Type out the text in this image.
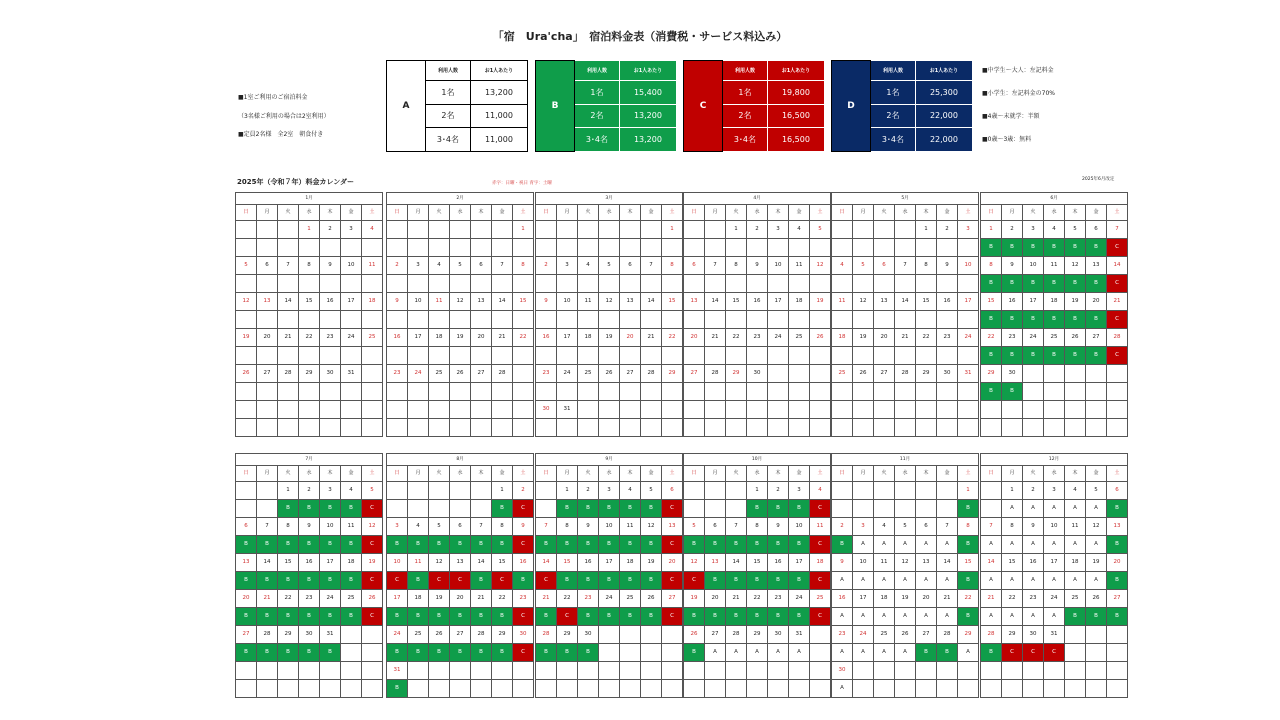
「宿　Ura'cha」　宿泊料金表（消費税・サービス料込み）
■1室ご利用のご宿泊料金
（3名様ご利用の場合は2室利用）
■定員2名様　全2室　朝食付き
■中学生〜大人：左記料金
■小学生：左記料金の70%
■4歳〜未就学：半額
■0歳〜3歳：無料
A	利用人数	お1人あたり
	1名	13,200
	2名	11,000
	3･4名	11,000
B	利用人数	お1人あたり
	1名	15,400
	2名	13,200
	3･4名	13,200
C	利用人数	お1人あたり
	1名	19,800
	2名	16,500
	3･4名	16,500
D	利用人数	お1人あたり
	1名	25,300
	2名	22,000
	3･4名	22,000
2025年（令和７年）料金カレンダー	赤字：日曜・祝日 青字：土曜
2025年6月改定
1月						
日	月	火	水	木	金	土
			1	2	3	4

5	6	7	8	9	10	11

12	13	14	15	16	17	18

19	20	21	22	23	24	25

26	27	28	29	30	31	

2月						
日	月	火	水	木	金	土
						1

2	3	4	5	6	7	8

9	10	11	12	13	14	15

16	17	18	19	20	21	22

23	24	25	26	27	28	

3月						
日	月	火	水	木	金	土
						1

2	3	4	5	6	7	8

9	10	11	12	13	14	15

16	17	18	19	20	21	22

23	24	25	26	27	28	29

30	31					

4月						
日	月	火	水	木	金	土
		1	2	3	4	5

6	7	8	9	10	11	12

13	14	15	16	17	18	19

20	21	22	23	24	25	26

27	28	29	30			

5月						
日	月	火	水	木	金	土
				1	2	3

4	5	6	7	8	9	10

11	12	13	14	15	16	17

18	19	20	21	22	23	24

25	26	27	28	29	30	31

6月						
日	月	火	水	木	金	土
1	2	3	4	5	6	7
B	B	B	B	B	B	C
8	9	10	11	12	13	14
B	B	B	B	B	B	C
15	16	17	18	19	20	21
B	B	B	B	B	B	C
22	23	24	25	26	27	28
B	B	B	B	B	B	C
29	30					
B	B					

7月						
日	月	火	水	木	金	土
		1	2	3	4	5
		B	B	B	B	C
6	7	8	9	10	11	12
B	B	B	B	B	B	C
13	14	15	16	17	18	19
B	B	B	B	B	B	C
20	21	22	23	24	25	26
B	B	B	B	B	B	C
27	28	29	30	31		
B	B	B	B	B		

8月						
日	月	火	水	木	金	土
					1	2
					B	C
3	4	5	6	7	8	9
B	B	B	B	B	B	C
10	11	12	13	14	15	16
C	B	C	C	B	C	B
17	18	19	20	21	22	23
B	B	B	B	B	B	C
24	25	26	27	28	29	30
B	B	B	B	B	B	C
31						
B						
9月						
日	月	火	水	木	金	土
	1	2	3	4	5	6
	B	B	B	B	B	C
7	8	9	10	11	12	13
B	B	B	B	B	B	C
14	15	16	17	18	19	20
C	B	B	B	B	B	C
21	22	23	24	25	26	27
B	C	B	B	B	B	C
28	29	30				
B	B	B				

10月						
日	月	火	水	木	金	土
			1	2	3	4
			B	B	B	C
5	6	7	8	9	10	11
B	B	B	B	B	B	C
12	13	14	15	16	17	18
C	B	B	B	B	B	C
19	20	21	22	23	24	25
B	B	B	B	B	B	C
26	27	28	29	30	31	
B	A	A	A	A	A	

11月						
日	月	火	水	木	金	土
						1
						B
2	3	4	5	6	7	8
B	A	A	A	A	A	B
9	10	11	12	13	14	15
A	A	A	A	A	A	B
16	17	18	19	20	21	22
A	A	A	A	A	A	B
23	24	25	26	27	28	29
A	A	A	A	B	B	A
30						
A						
12月						
日	月	火	水	木	金	土
	1	2	3	4	5	6
	A	A	A	A	A	B
7	8	9	10	11	12	13
A	A	A	A	A	A	B
14	15	16	17	18	19	20
A	A	A	A	A	A	B
21	22	23	24	25	26	27
A	A	A	A	B	B	B
28	29	30	31			
B	C	C	C			
